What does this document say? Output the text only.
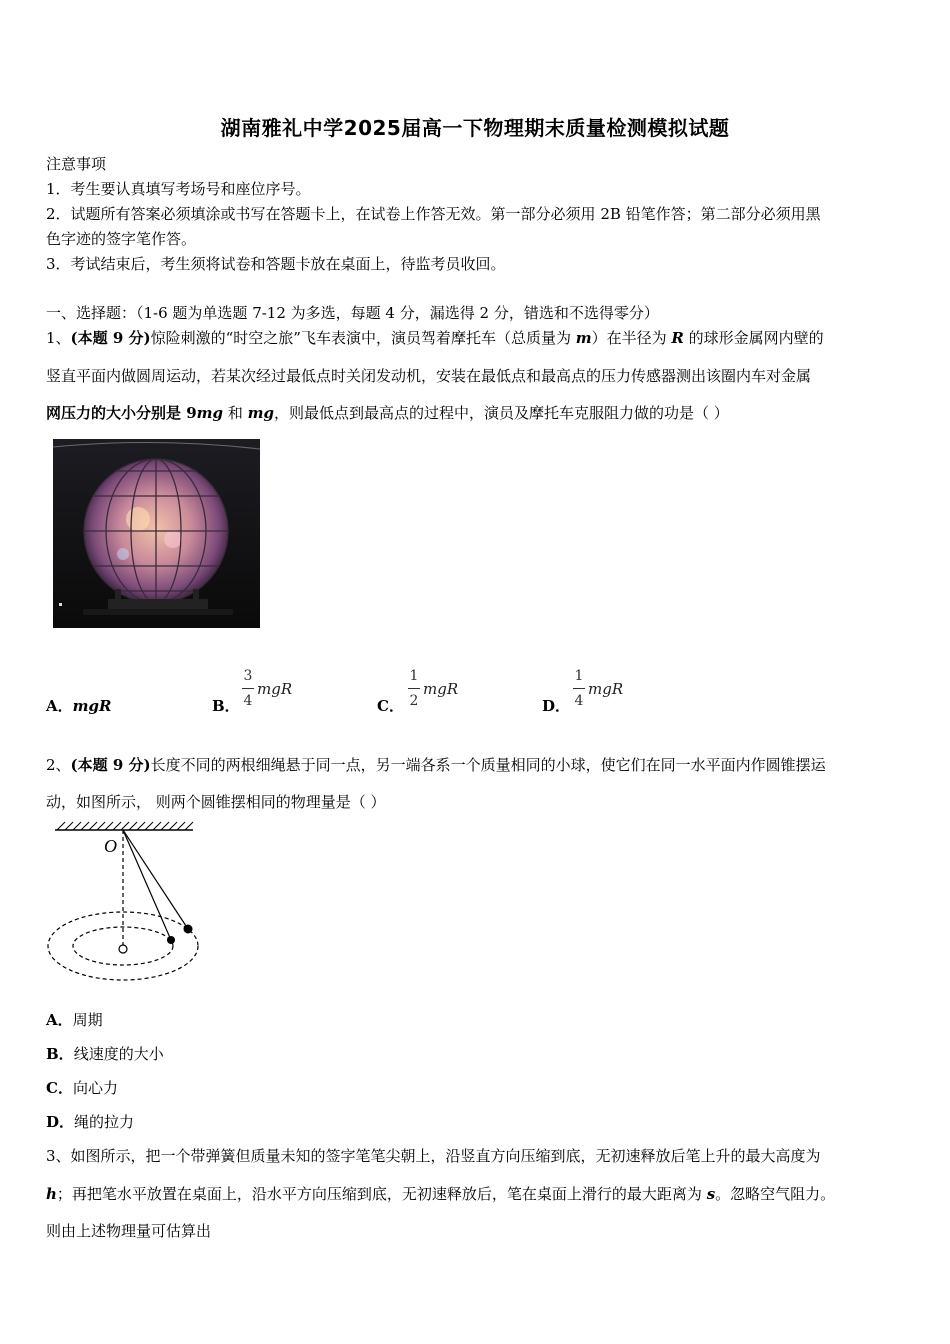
湖南雅礼中学2025届高一下物理期末质量检测模拟试题
注意事项
1．考生要认真填写考场号和座位序号。
2．试题所有答案必须填涂或书写在答题卡上，在试卷上作答无效。第一部分必须用 2B 铅笔作答；第二部分必须用黑
色字迹的签字笔作答。
3．考试结束后，考生须将试卷和答题卡放在桌面上，待监考员收回。
一、选择题：（1-6 题为单选题 7-12 为多选，每题 4 分，漏选得 2 分，错选和不选得零分）
1、(本题 9 分)惊险刺激的“时空之旅”飞车表演中，演员驾着摩托车（总质量为 m）在半径为 R 的球形金属网内壁的
竖直平面内做圆周运动，若某次经过最低点时关闭发动机，安装在最低点和最高点的压力传感器测出该圈内车对金属
网压力的大小分别是 9mg 和 mg，则最低点到最高点的过程中，演员及摩托车克服阻力做的功是（ ）
A．mgR	B．
3
4
mgR
C．
1
2
mgR
D．
1
4
mgR
2、(本题 9 分)长度不同的两根细绳悬于同一点，另一端各系一个质量相同的小球，使它们在同一水平面内作圆锥摆运
动，如图所示， 则两个圆锥摆相同的物理量是（ ）
O
A．周期
B．线速度的大小
C．向心力
D．绳的拉力
3、如图所示，把一个带弹簧但质量未知的签字笔笔尖朝上，沿竖直方向压缩到底，无初速释放后笔上升的最大高度为
h；再把笔水平放置在桌面上，沿水平方向压缩到底，无初速释放后，笔在桌面上滑行的最大距离为 s。忽略空气阻力。
则由上述物理量可估算出
